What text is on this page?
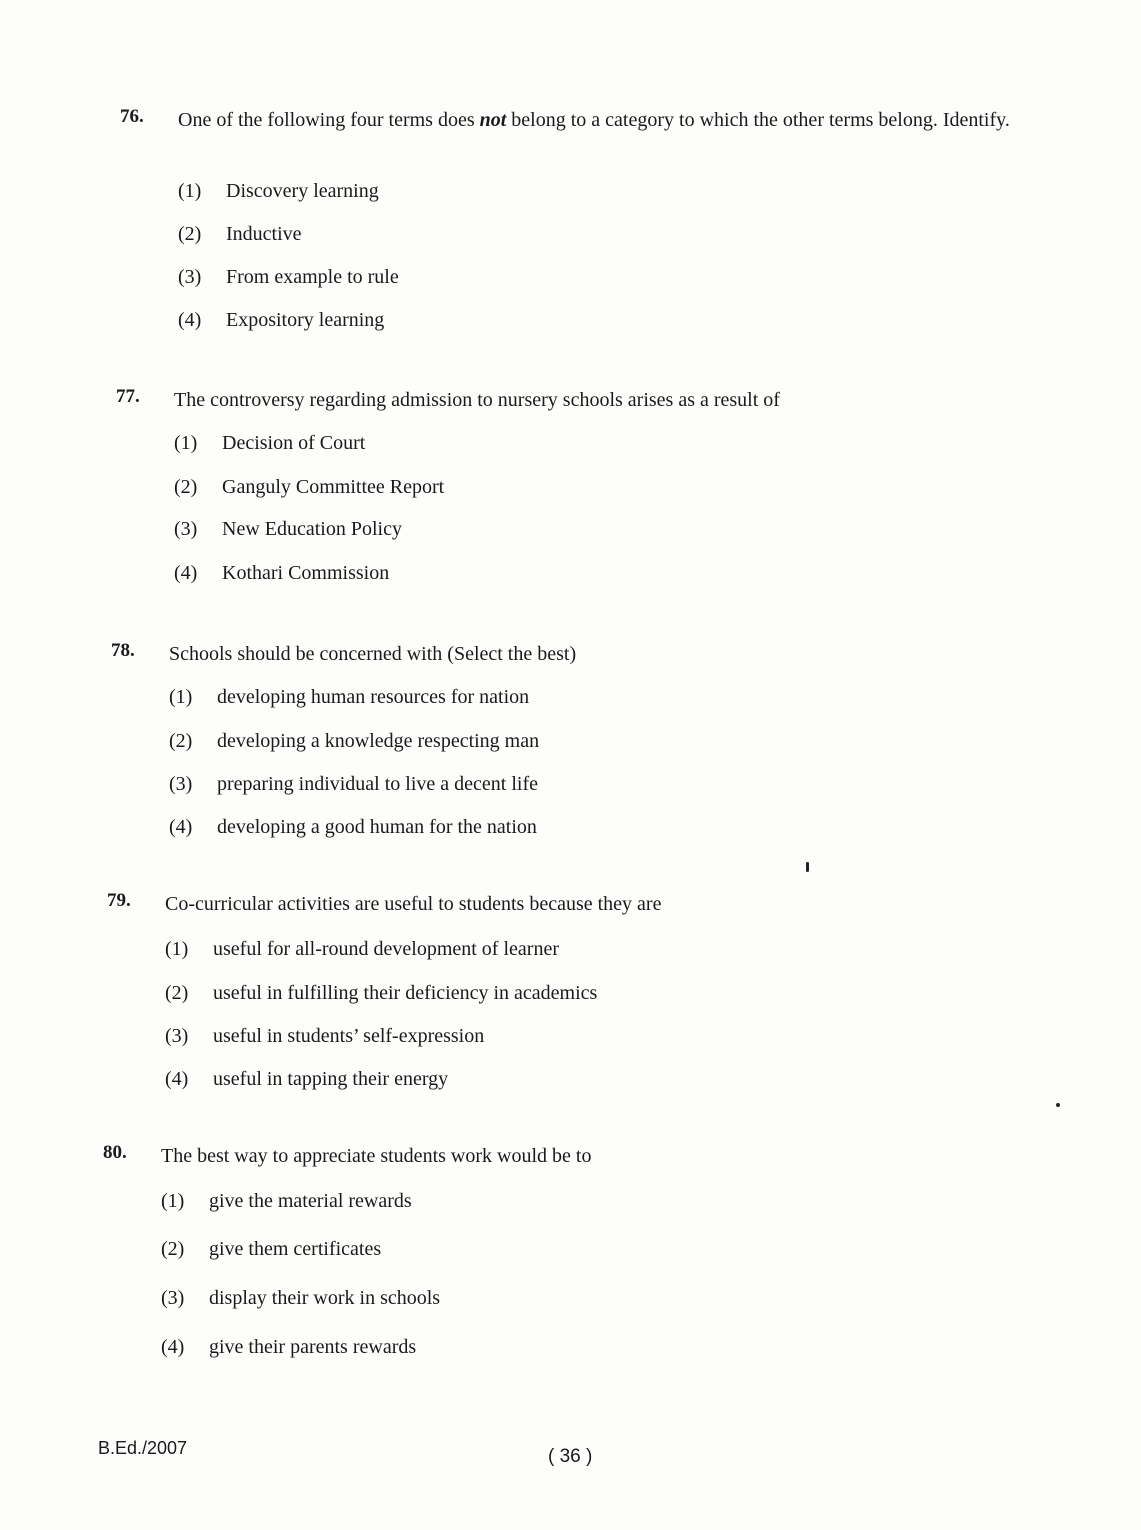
76. One of the following four terms does not belong to a category to which the other terms belong. Identify.
(1) Discovery learning
(2) Inductive
(3) From example to rule
(4) Expository learning
77. The controversy regarding admission to nursery schools arises as a result of
(1) Decision of Court
(2) Ganguly Committee Report
(3) New Education Policy
(4) Kothari Commission
78. Schools should be concerned with (Select the best)
(1) developing human resources for nation
(2) developing a knowledge respecting man
(3) preparing individual to live a decent life
(4) developing a good human for the nation
79. Co-curricular activities are useful to students because they are
(1) useful for all-round development of learner
(2) useful in fulfilling their deficiency in academics
(3) useful in students’ self-expression
(4) useful in tapping their energy
80. The best way to appreciate students work would be to
(1) give the material rewards
(2) give them certificates
(3) display their work in schools
(4) give their parents rewards
B.Ed./2007	( 36 )
